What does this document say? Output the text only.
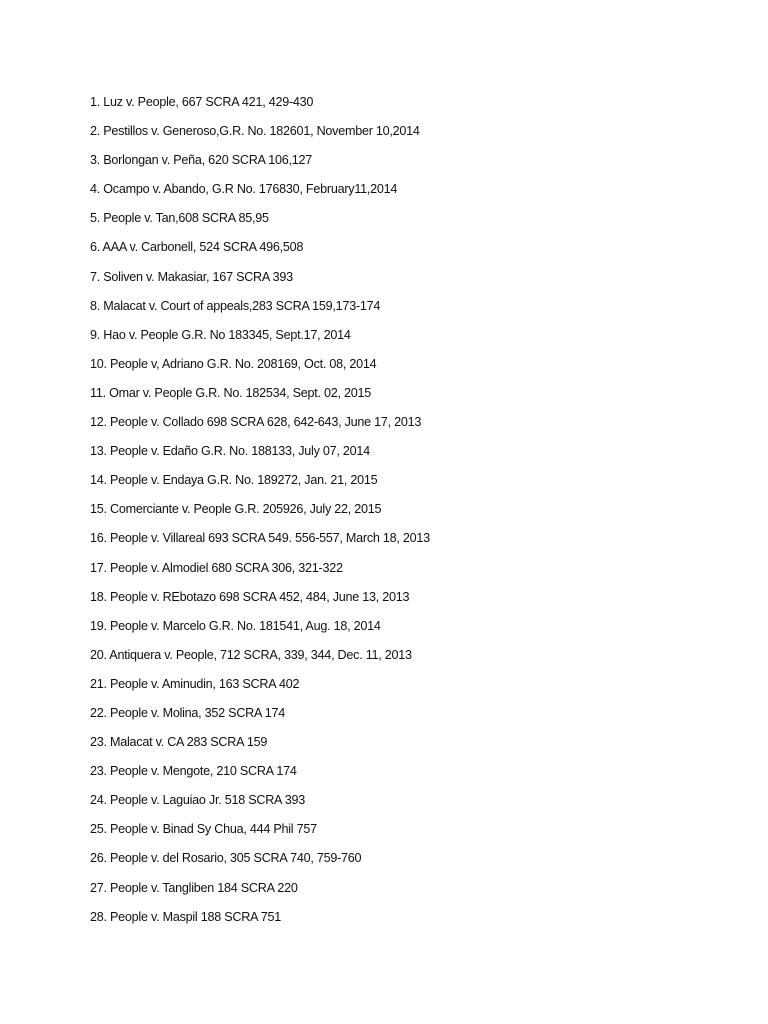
1. Luz v. People, 667 SCRA 421, 429-430
2. Pestillos v. Generoso,G.R. No. 182601, November 10,2014
3. Borlongan v. Peña, 620 SCRA 106,127
4. Ocampo v. Abando, G.R No. 176830, February11,2014
5. People v. Tan,608 SCRA 85,95
6. AAA v. Carbonell, 524 SCRA 496,508
7. Soliven v. Makasiar, 167 SCRA 393
8. Malacat v. Court of appeals,283 SCRA 159,173-174
9. Hao v. People G.R. No 183345, Sept.17, 2014
10. People v, Adriano G.R. No. 208169, Oct. 08, 2014
11. Omar v. People G.R. No. 182534, Sept. 02, 2015
12. People v. Collado 698 SCRA 628, 642-643, June 17, 2013
13. People v. Edaño G.R. No. 188133, July 07, 2014
14. People v. Endaya G.R. No. 189272, Jan. 21, 2015
15. Comerciante v. People G.R. 205926, July 22, 2015
16. People v. Villareal 693 SCRA 549. 556-557, March 18, 2013
17. People v. Almodiel 680 SCRA 306, 321-322
18. People v. REbotazo 698 SCRA 452, 484, June 13, 2013
19. People v. Marcelo G.R. No. 181541, Aug. 18, 2014
20. Antiquera v. People, 712 SCRA, 339, 344, Dec. 11, 2013
21. People v. Aminudin, 163 SCRA 402
22. People v. Molina, 352 SCRA 174
23. Malacat v. CA 283 SCRA 159
23. People v. Mengote, 210 SCRA 174
24. People v. Laguiao Jr. 518 SCRA 393
25. People v. Binad Sy Chua, 444 Phil 757
26. People v. del Rosario, 305 SCRA 740, 759-760
27. People v. Tangliben 184 SCRA 220
28. People v. Maspil 188 SCRA 751
